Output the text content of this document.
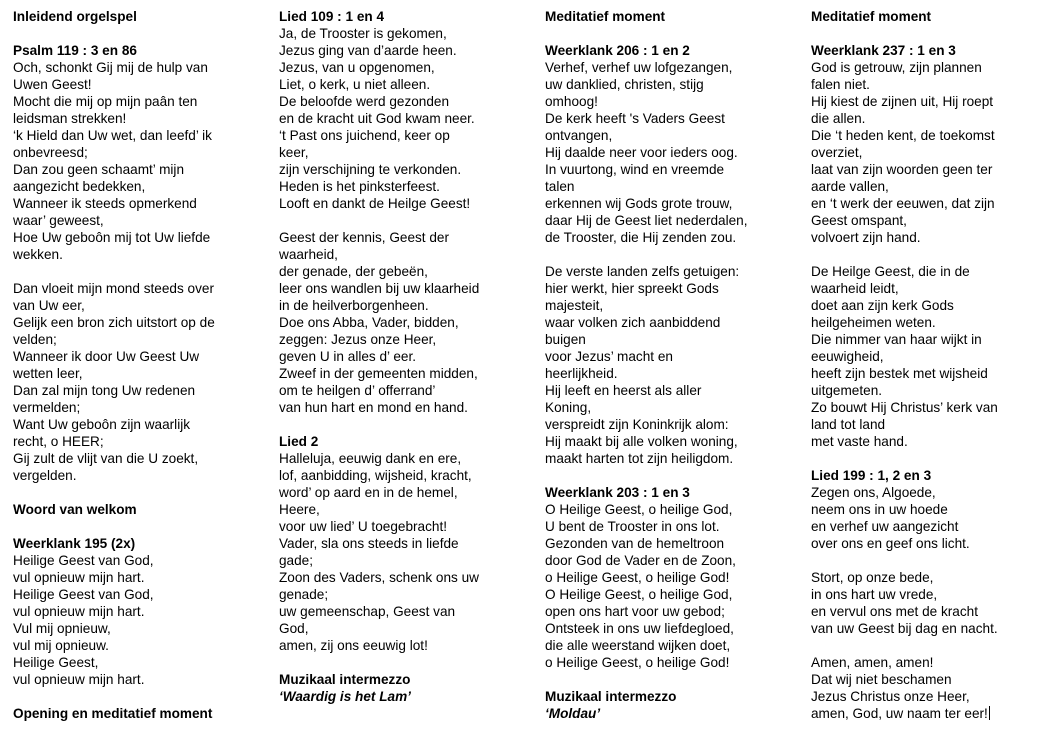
Inleidend orgelspel
Psalm 119 : 3 en 86
Och, schonkt Gij mij de hulp van
Uwen Geest!
Mocht die mij op mijn paân ten
leidsman strekken!
‘k Hield dan Uw wet, dan leefd’ ik
onbevreesd;
Dan zou geen schaamt’ mijn
aangezicht bedekken,
Wanneer ik steeds opmerkend
waar’ geweest,
Hoe Uw geboôn mij tot Uw liefde
wekken.
Dan vloeit mijn mond steeds over
van Uw eer,
Gelijk een bron zich uitstort op de
velden;
Wanneer ik door Uw Geest Uw
wetten leer,
Dan zal mijn tong Uw redenen
vermelden;
Want Uw geboôn zijn waarlijk
recht, o HEER;
Gij zult de vlijt van die U zoekt,
vergelden.
Woord van welkom
Weerklank 195 (2x)
Heilige Geest van God,
vul opnieuw mijn hart.
Heilige Geest van God,
vul opnieuw mijn hart.
Vul mij opnieuw,
vul mij opnieuw.
Heilige Geest,
vul opnieuw mijn hart.
Opening en meditatief moment
Lied 109 : 1 en 4
Ja, de Trooster is gekomen,
Jezus ging van d’aarde heen.
Jezus, van u opgenomen,
Liet, o kerk, u niet alleen.
De beloofde werd gezonden
en de kracht uit God kwam neer.
‘t Past ons juichend, keer op
keer,
zijn verschijning te verkonden.
Heden is het pinksterfeest.
Looft en dankt de Heilge Geest!
Geest der kennis, Geest der
waarheid,
der genade, der gebeën,
leer ons wandlen bij uw klaarheid
in de heilverborgenheen.
Doe ons Abba, Vader, bidden,
zeggen: Jezus onze Heer,
geven U in alles d’ eer.
Zweef in der gemeenten midden,
om te heilgen d’ offerrand’
van hun hart en mond en hand.
Lied 2
Halleluja, eeuwig dank en ere,
lof, aanbidding, wijsheid, kracht,
word’ op aard en in de hemel,
Heere,
voor uw lied’ U toegebracht!
Vader, sla ons steeds in liefde
gade;
Zoon des Vaders, schenk ons uw
genade;
uw gemeenschap, Geest van
God,
amen, zij ons eeuwig lot!
Muzikaal intermezzo
‘Waardig is het Lam’
Meditatief moment
Weerklank 206 : 1 en 2
Verhef, verhef uw lofgezangen,
uw danklied, christen, stijg
omhoog!
De kerk heeft 's Vaders Geest
ontvangen,
Hij daalde neer voor ieders oog.
In vuurtong, wind en vreemde
talen
erkennen wij Gods grote trouw,
daar Hij de Geest liet nederdalen,
de Trooster, die Hij zenden zou.
De verste landen zelfs getuigen:
hier werkt, hier spreekt Gods
majesteit,
waar volken zich aanbiddend
buigen
voor Jezus’ macht en
heerlijkheid.
Hij leeft en heerst als aller
Koning,
verspreidt zijn Koninkrijk alom:
Hij maakt bij alle volken woning,
maakt harten tot zijn heiligdom.
Weerklank 203 : 1 en 3
O Heilige Geest, o heilige God,
U bent de Trooster in ons lot.
Gezonden van de hemeltroon
door God de Vader en de Zoon,
o Heilige Geest, o heilige God!
O Heilige Geest, o heilige God,
open ons hart voor uw gebod;
Ontsteek in ons uw liefdegloed,
die alle weerstand wijken doet,
o Heilige Geest, o heilige God!
Muzikaal intermezzo
‘Moldau’
Meditatief moment
Weerklank 237 : 1 en 3
God is getrouw, zijn plannen
falen niet.
Hij kiest de zijnen uit, Hij roept
die allen.
Die ‘t heden kent, de toekomst
overziet,
laat van zijn woorden geen ter
aarde vallen,
en ‘t werk der eeuwen, dat zijn
Geest omspant,
volvoert zijn hand.
De Heilge Geest, die in de
waarheid leidt,
doet aan zijn kerk Gods
heilgeheimen weten.
Die nimmer van haar wijkt in
eeuwigheid,
heeft zijn bestek met wijsheid
uitgemeten.
Zo bouwt Hij Christus’ kerk van
land tot land
met vaste hand.
Lied 199 : 1, 2 en 3
Zegen ons, Algoede,
neem ons in uw hoede
en verhef uw aangezicht
over ons en geef ons licht.
Stort, op onze bede,
in ons hart uw vrede,
en vervul ons met de kracht
van uw Geest bij dag en nacht.
Amen, amen, amen!
Dat wij niet beschamen
Jezus Christus onze Heer,
amen, God, uw naam ter eer!
